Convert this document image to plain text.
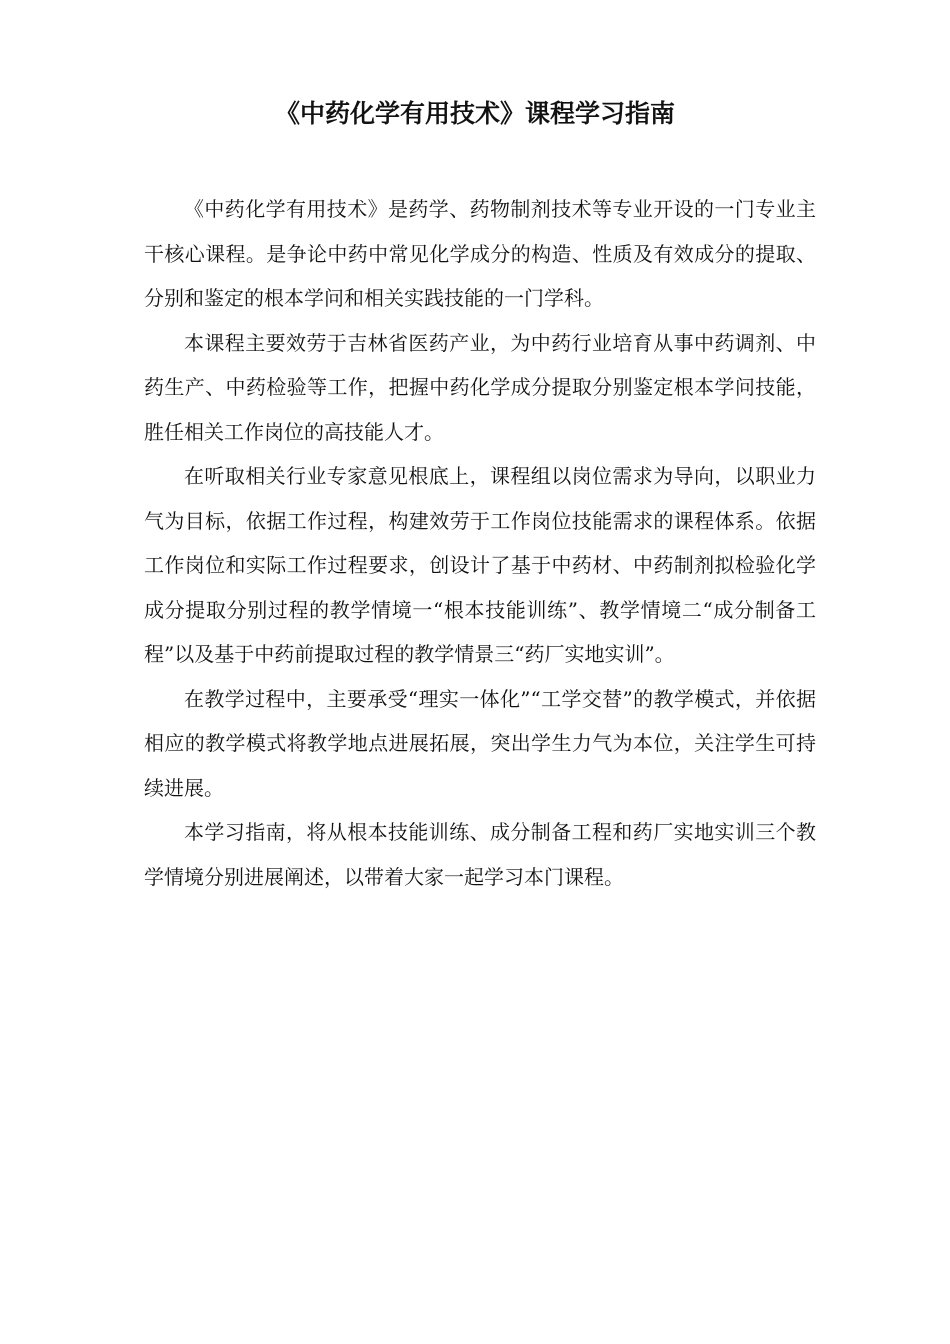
《中药化学有用技术》课程学习指南

《中药化学有用技术》是药学、药物制剂技术等专业开设的一门专业主干核心课程。是争论中药中常见化学成分的构造、性质及有效成分的提取、分别和鉴定的根本学问和相关实践技能的一门学科。

本课程主要效劳于吉林省医药产业，为中药行业培育从事中药调剂、中药生产、中药检验等工作，把握中药化学成分提取分别鉴定根本学问技能，胜任相关工作岗位的高技能人才。

在听取相关行业专家意见根底上，课程组以岗位需求为导向，以职业力气为目标，依据工作过程，构建效劳于工作岗位技能需求的课程体系。依据工作岗位和实际工作过程要求，创设计了基于中药材、中药制剂拟检验化学成分提取分别过程的教学情境一“根本技能训练”、教学情境二“成分制备工程”以及基于中药前提取过程的教学情景三“药厂实地实训”。

在教学过程中，主要承受“理实一体化”“工学交替”的教学模式，并依据相应的教学模式将教学地点进展拓展，突出学生力气为本位，关注学生可持续进展。

本学习指南，将从根本技能训练、成分制备工程和药厂实地实训三个教学情境分别进展阐述，以带着大家一起学习本门课程。
